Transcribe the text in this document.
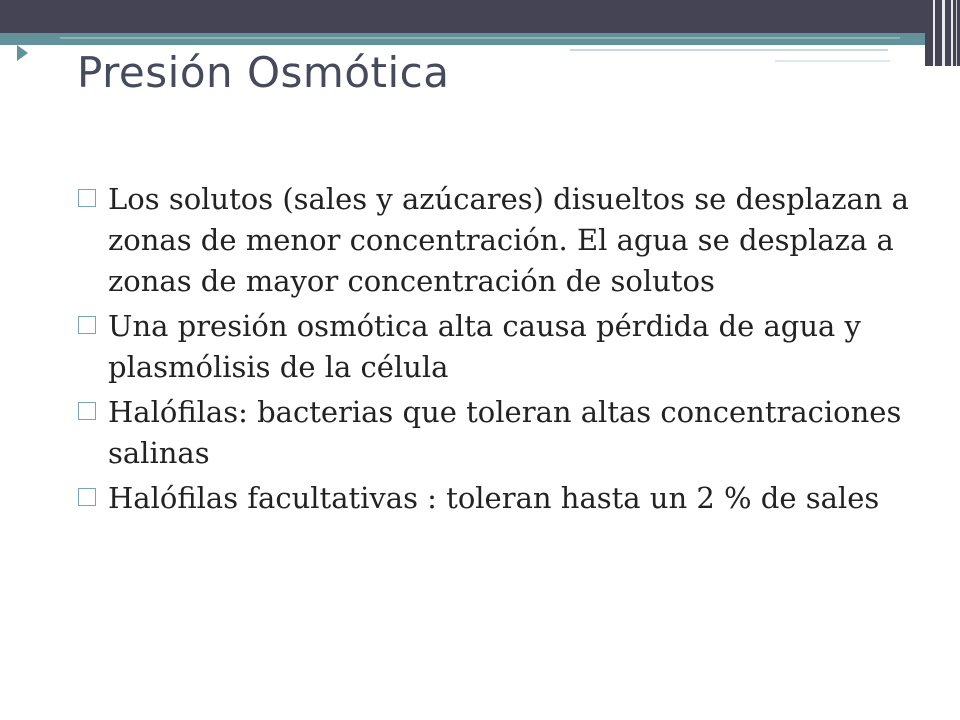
Presión Osmótica
Los solutos (sales y azúcares) disueltos se desplazan a zonas de menor concentración. El agua se desplaza a zonas de mayor concentración de solutos
Una presión osmótica alta causa pérdida de agua y plasmólisis de la célula
Halófilas: bacterias que toleran altas concentraciones salinas
Halófilas facultativas : toleran hasta un 2 % de sales
